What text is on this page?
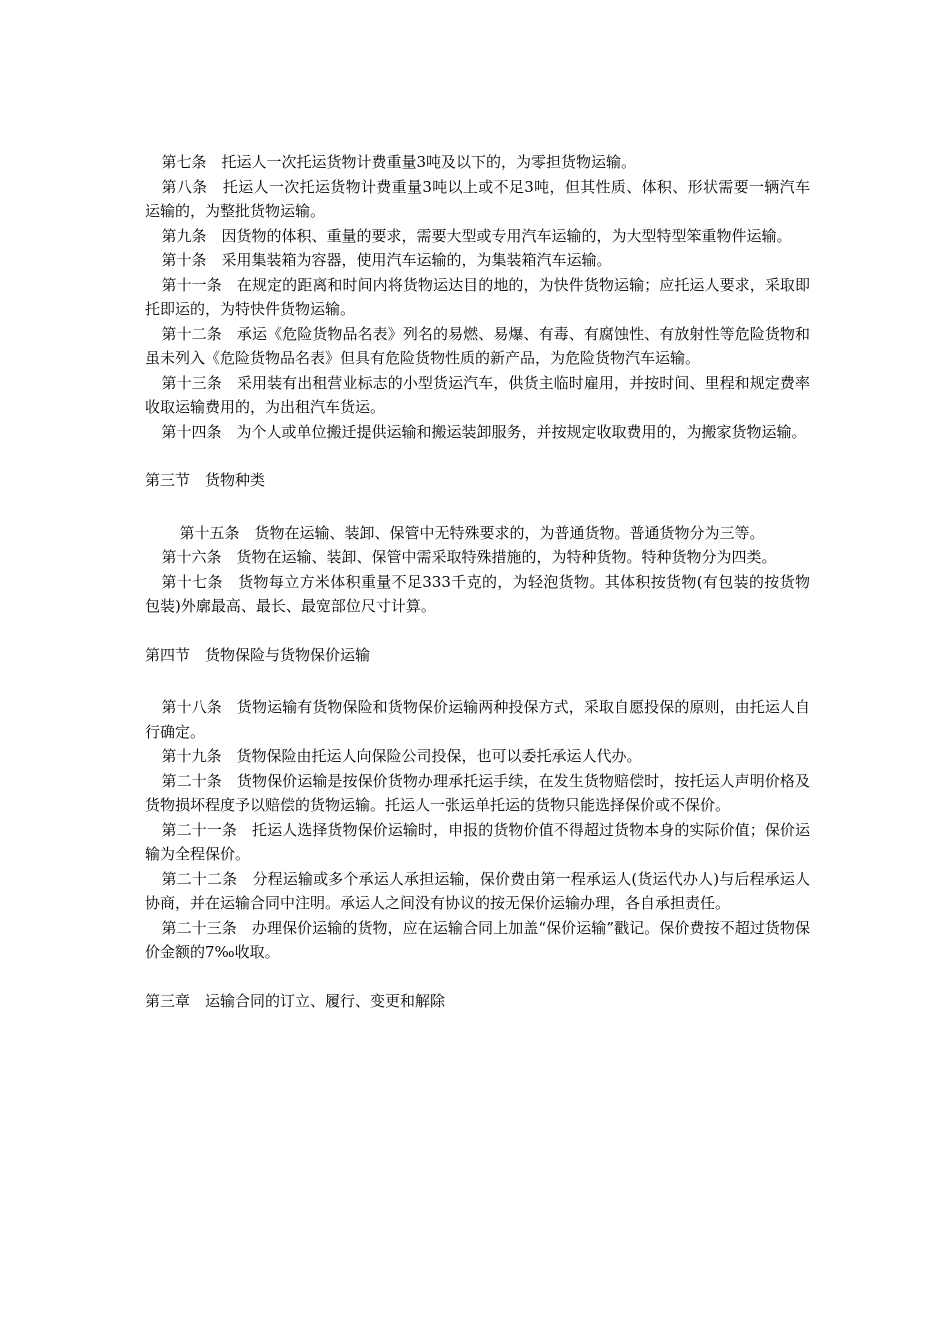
第七条　托运人一次托运货物计费重量3吨及以下的，为零担货物运输。

第八条　托运人一次托运货物计费重量3吨以上或不足3吨，但其性质、体积、形状需要一辆汽车运输的，为整批货物运输。

第九条　因货物的体积、重量的要求，需要大型或专用汽车运输的，为大型特型笨重物件运输。

第十条　采用集装箱为容器，使用汽车运输的，为集装箱汽车运输。

第十一条　在规定的距离和时间内将货物运达目的地的，为快件货物运输；应托运人要求，采取即托即运的，为特快件货物运输。

第十二条　承运《危险货物品名表》列名的易燃、易爆、有毒、有腐蚀性、有放射性等危险货物和虽未列入《危险货物品名表》但具有危险货物性质的新产品，为危险货物汽车运输。

第十三条　采用装有出租营业标志的小型货运汽车，供货主临时雇用，并按时间、里程和规定费率收取运输费用的，为出租汽车货运。

第十四条　为个人或单位搬迁提供运输和搬运装卸服务，并按规定收取费用的，为搬家货物运输。

第三节　货物种类

第十五条　货物在运输、装卸、保管中无特殊要求的，为普通货物。普通货物分为三等。

第十六条　货物在运输、装卸、保管中需采取特殊措施的，为特种货物。特种货物分为四类。

第十七条　货物每立方米体积重量不足333千克的，为轻泡货物。其体积按货物(有包装的按货物包装)外廓最高、最长、最宽部位尺寸计算。

第四节　货物保险与货物保价运输

第十八条　货物运输有货物保险和货物保价运输两种投保方式，采取自愿投保的原则，由托运人自行确定。

第十九条　货物保险由托运人向保险公司投保，也可以委托承运人代办。

第二十条　货物保价运输是按保价货物办理承托运手续，在发生货物赔偿时，按托运人声明价格及货物损坏程度予以赔偿的货物运输。托运人一张运单托运的货物只能选择保价或不保价。

第二十一条　托运人选择货物保价运输时，申报的货物价值不得超过货物本身的实际价值；保价运输为全程保价。

第二十二条　分程运输或多个承运人承担运输，保价费由第一程承运人(货运代办人)与后程承运人协商，并在运输合同中注明。承运人之间没有协议的按无保价运输办理，各自承担责任。

第二十三条　办理保价运输的货物，应在运输合同上加盖“保价运输”戳记。保价费按不超过货物保价金额的7‰收取。

第三章　运输合同的订立、履行、变更和解除
